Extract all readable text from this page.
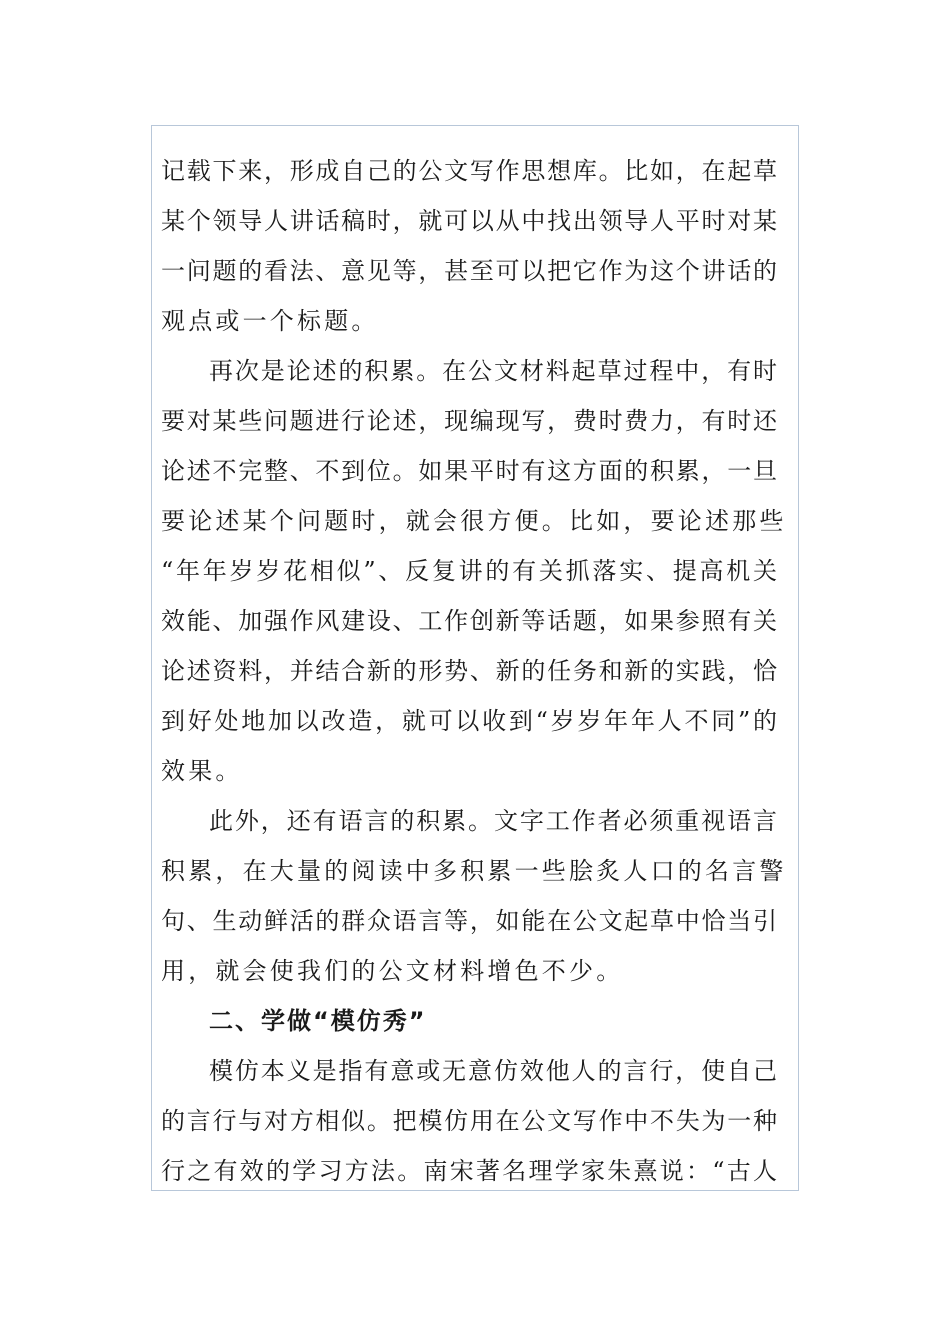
记载下来，形成自己的公文写作思想库。比如，在起草
某个领导人讲话稿时，就可以从中找出领导人平时对某
一问题的看法、意见等，甚至可以把它作为这个讲话的
观点或一个标题。
再次是论述的积累。在公文材料起草过程中，有时
要对某些问题进行论述，现编现写，费时费力，有时还
论述不完整、不到位。如果平时有这方面的积累，一旦
要论述某个问题时，就会很方便。比如，要论述那些
“年年岁岁花相似”、反复讲的有关抓落实、提高机关
效能、加强作风建设、工作创新等话题，如果参照有关
论述资料，并结合新的形势、新的任务和新的实践，恰
到好处地加以改造，就可以收到“岁岁年年人不同”的
效果。
此外，还有语言的积累。文字工作者必须重视语言
积累，在大量的阅读中多积累一些脍炙人口的名言警
句、生动鲜活的群众语言等，如能在公文起草中恰当引
用，就会使我们的公文材料增色不少。
二、学做“模仿秀”
模仿本义是指有意或无意仿效他人的言行，使自己
的言行与对方相似。把模仿用在公文写作中不失为一种
行之有效的学习方法。南宋著名理学家朱熹说：“古人
